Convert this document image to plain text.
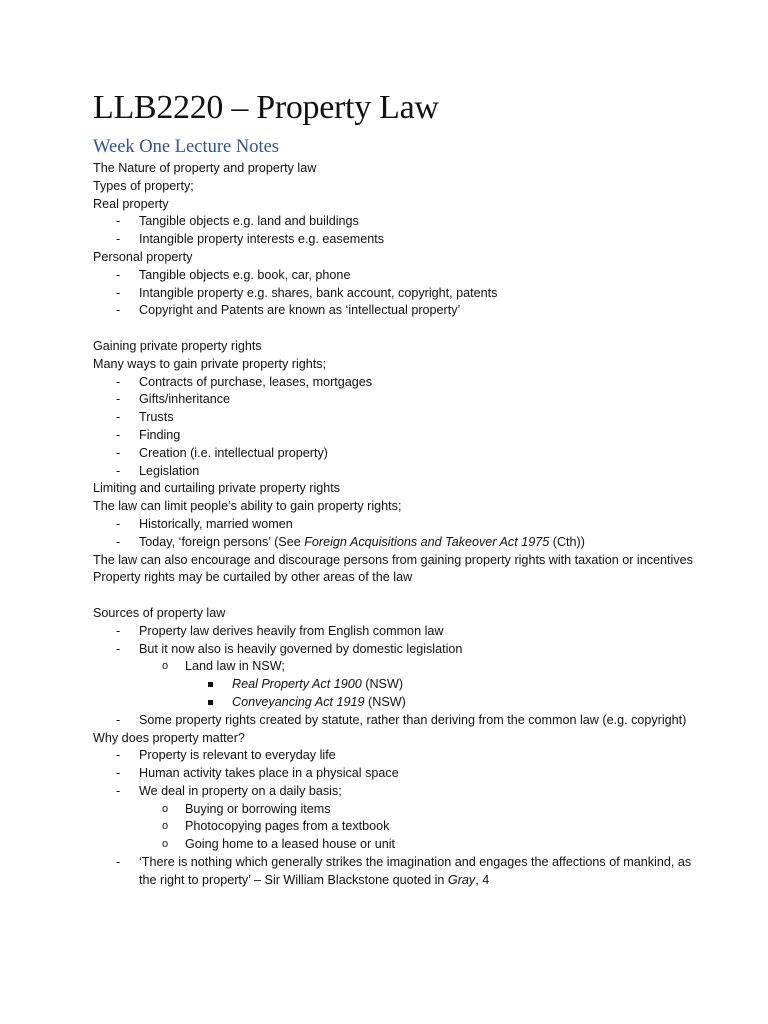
LLB2220 – Property Law
Week One Lecture Notes
The Nature of property and property law
Types of property;
Real property
- Tangible objects e.g. land and buildings
- Intangible property interests e.g. easements
Personal property
- Tangible objects e.g. book, car, phone
- Intangible property e.g. shares, bank account, copyright, patents
- Copyright and Patents are known as ‘intellectual property’
Gaining private property rights
Many ways to gain private property rights;
- Contracts of purchase, leases, mortgages
- Gifts/inheritance
- Trusts
- Finding
- Creation (i.e. intellectual property)
- Legislation
Limiting and curtailing private property rights
The law can limit people’s ability to gain property rights;
- Historically, married women
- Today, ‘foreign persons’ (See Foreign Acquisitions and Takeover Act 1975 (Cth))
The law can also encourage and discourage persons from gaining property rights with taxation or incentives
Property rights may be curtailed by other areas of the law
Sources of property law
- Property law derives heavily from English common law
- But it now also is heavily governed by domestic legislation
o Land law in NSW;
Real Property Act 1900 (NSW)
Conveyancing Act 1919 (NSW)
- Some property rights created by statute, rather than deriving from the common law (e.g. copyright)
Why does property matter?
- Property is relevant to everyday life
- Human activity takes place in a physical space
- We deal in property on a daily basis;
o Buying or borrowing items
o Photocopying pages from a textbook
o Going home to a leased house or unit
- ‘There is nothing which generally strikes the imagination and engages the affections of mankind, as the right to property’ – Sir William Blackstone quoted in Gray, 4
